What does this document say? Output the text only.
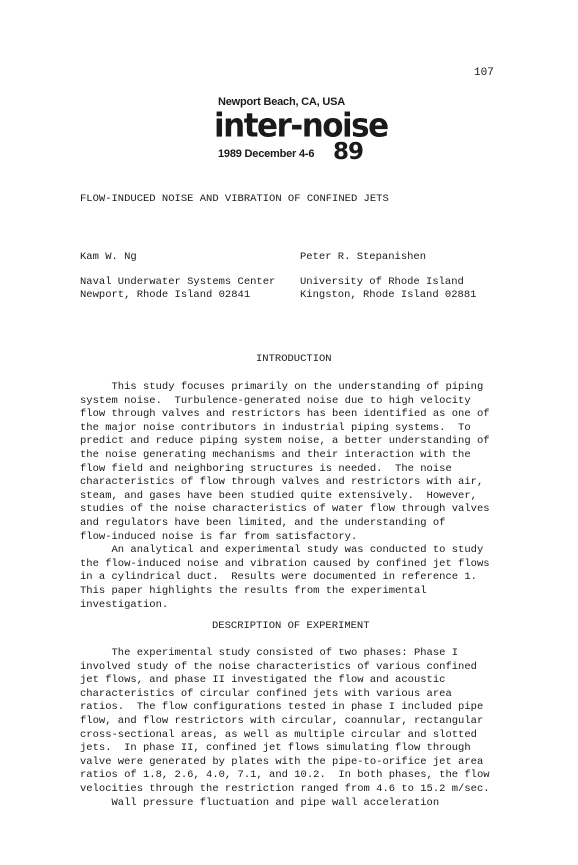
107
Newport Beach, CA, USA
inter-noise
1989 December 4-6 89
FLOW-INDUCED NOISE AND VIBRATION OF CONFINED JETS
Kam W. Ng
Naval Underwater Systems Center
Newport, Rhode Island 02841
Peter R. Stepanishen
University of Rhode Island
Kingston, Rhode Island 02881
INTRODUCTION
This study focuses primarily on the understanding of piping
system noise.  Turbulence-generated noise due to high velocity
flow through valves and restrictors has been identified as one of
the major noise contributors in industrial piping systems.  To
predict and reduce piping system noise, a better understanding of
the noise generating mechanisms and their interaction with the
flow field and neighboring structures is needed.  The noise
characteristics of flow through valves and restrictors with air,
steam, and gases have been studied quite extensively.  However,
studies of the noise characteristics of water flow through valves
and regulators have been limited, and the understanding of
flow-induced noise is far from satisfactory.
An analytical and experimental study was conducted to study
the flow-induced noise and vibration caused by confined jet flows
in a cylindrical duct.  Results were documented in reference 1.
This paper highlights the results from the experimental
investigation.
DESCRIPTION OF EXPERIMENT
The experimental study consisted of two phases: Phase I
involved study of the noise characteristics of various confined
jet flows, and phase II investigated the flow and acoustic
characteristics of circular confined jets with various area
ratios.  The flow configurations tested in phase I included pipe
flow, and flow restrictors with circular, coannular, rectangular
cross-sectional areas, as well as multiple circular and slotted
jets.  In phase II, confined jet flows simulating flow through
valve were generated by plates with the pipe-to-orifice jet area
ratios of 1.8, 2.6, 4.0, 7.1, and 10.2.  In both phases, the flow
velocities through the restriction ranged from 4.6 to 15.2 m/sec.
Wall pressure fluctuation and pipe wall acceleration
